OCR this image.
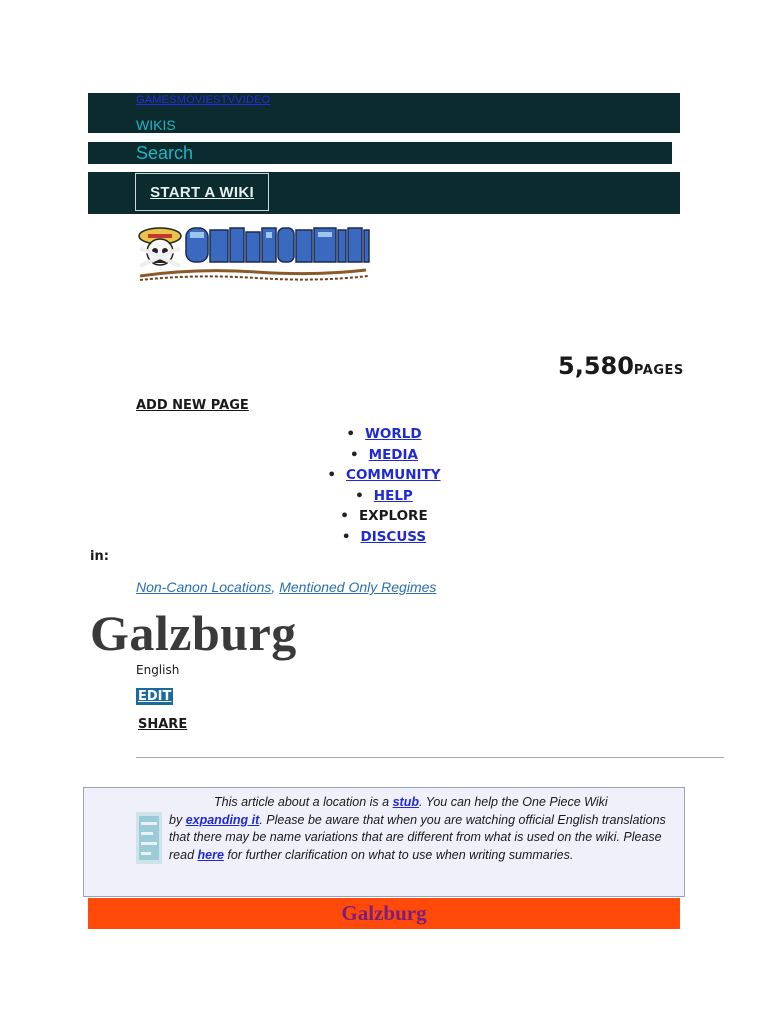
GAMESMOVIESTVVIDEO
WIKIS
Search
START A WIKI
5,580PAGES
ADD NEW PAGE
• WORLD
• MEDIA
• COMMUNITY
• HELP
• EXPLORE
• DISCUSS
in:
Non-Canon Locations, Mentioned Only Regimes
Galzburg
English
EDIT
SHARE
This article about a location is a stub. You can help the One Piece Wiki
by expanding it. Please be aware that when you are watching official English translations that there may be name variations that are different from what is used on the wiki. Please read here for further clarification on what to use when writing summaries.
Galzburg
